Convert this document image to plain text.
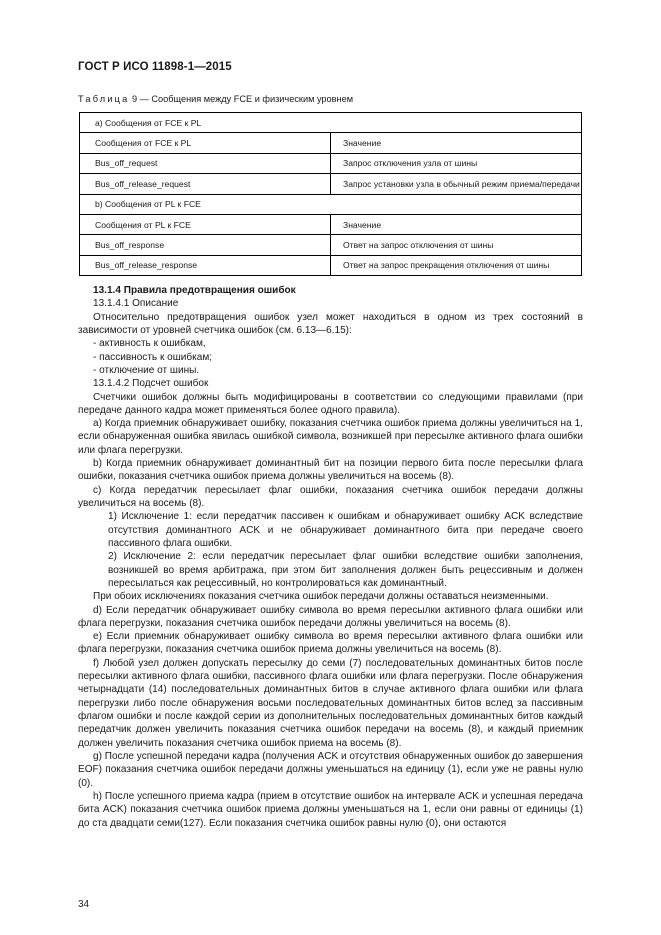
ГОСТ Р ИСО 11898-1—2015
Таблица 9 — Сообщения между FCE и физическим уровнем
a) Сообщения от FCE к PL	
Сообщения от FCE к PL	Значение
Bus_off_request	Запрос отключения узла от шины
Bus_off_release_request	Запрос установки узла в обычный режим приема/передачи
b) Сообщения от PL к FCE	
Сообщения от PL к FCE	Значение
Bus_off_response	Ответ на запрос отключения от шины
Bus_off_release_response	Ответ на запрос прекращения отключения от шины

13.1.4 Правила предотвращения ошибок

13.1.4.1 Описание

Относительно предотвращения ошибок узел может находиться в одном из трех состояний в зависимости от уровней счетчика ошибок (см. 6.13—6.15):

- активность к ошибкам,

- пассивность к ошибкам;

- отключение от шины.

13.1.4.2 Подсчет ошибок

Счетчики ошибок должны быть модифицированы в соответствии со следующими правилами (при передаче данного кадра может применяться более одного правила).

a) Когда приемник обнаруживает ошибку, показания счетчика ошибок приема должны увеличиться на 1, если обнаруженная ошибка явилась ошибкой символа, возникшей при пересылке активного флага ошибки или флага перегрузки.

b) Когда приемник обнаруживает доминантный бит на позиции первого бита после пересылки флага ошибки, показания счетчика ошибок приема должны увеличиться на восемь (8).

c) Когда передатчик пересылает флаг ошибки, показания счетчика ошибок передачи должны увеличиться на восемь (8).

1) Исключение 1: если передатчик пассивен к ошибкам и обнаруживает ошибку ACK вследствие отсутствия доминантного ACK и не обнаруживает доминантного бита при передаче своего пассивного флага ошибки.

2) Исключение 2: если передатчик пересылает флаг ошибки вследствие ошибки заполнения, возникшей во время арбитража, при этом бит заполнения должен быть рецессивным и должен пересылаться как рецессивный, но контролироваться как доминантный.

При обоих исключениях показания счетчика ошибок передачи должны оставаться неизменными.

d) Если передатчик обнаруживает ошибку символа во время пересылки активного флага ошибки или флага перегрузки, показания счетчика ошибок передачи должны увеличиться на восемь (8).

e) Если приемник обнаруживает ошибку символа во время пересылки активного флага ошибки или флага перегрузки, показания счетчика ошибок приема должны увеличиться на восемь (8).

f) Любой узел должен допускать пересылку до семи (7) последовательных доминантных битов после пересылки активного флага ошибки, пассивного флага ошибки или флага перегрузки. После обнаружения четырнадцати (14) последовательных доминантных битов в случае активного флага ошибки или флага перегрузки либо после обнаружения восьми последовательных доминантных битов вслед за пассивным флагом ошибки и после каждой серии из дополнительных последовательных доминантных битов каждый передатчик должен увеличить показания счетчика ошибок передачи на восемь (8), и каждый приемник должен увеличить показания счетчика ошибок приема на восемь (8).

g) После успешной передачи кадра (получения ACK и отсутствия обнаруженных ошибок до завершения EOF) показания счетчика ошибок передачи должны уменьшаться на единицу (1), если уже не равны нулю (0).

h) После успешного приема кадра (прием в отсутствие ошибок на интервале ACK и успешная передача бита ACK) показания счетчика ошибок приема должны уменьшаться на 1, если они равны от единицы (1) до ста двадцати семи(127). Если показания счетчика ошибок равны нулю (0), они остаются

34
